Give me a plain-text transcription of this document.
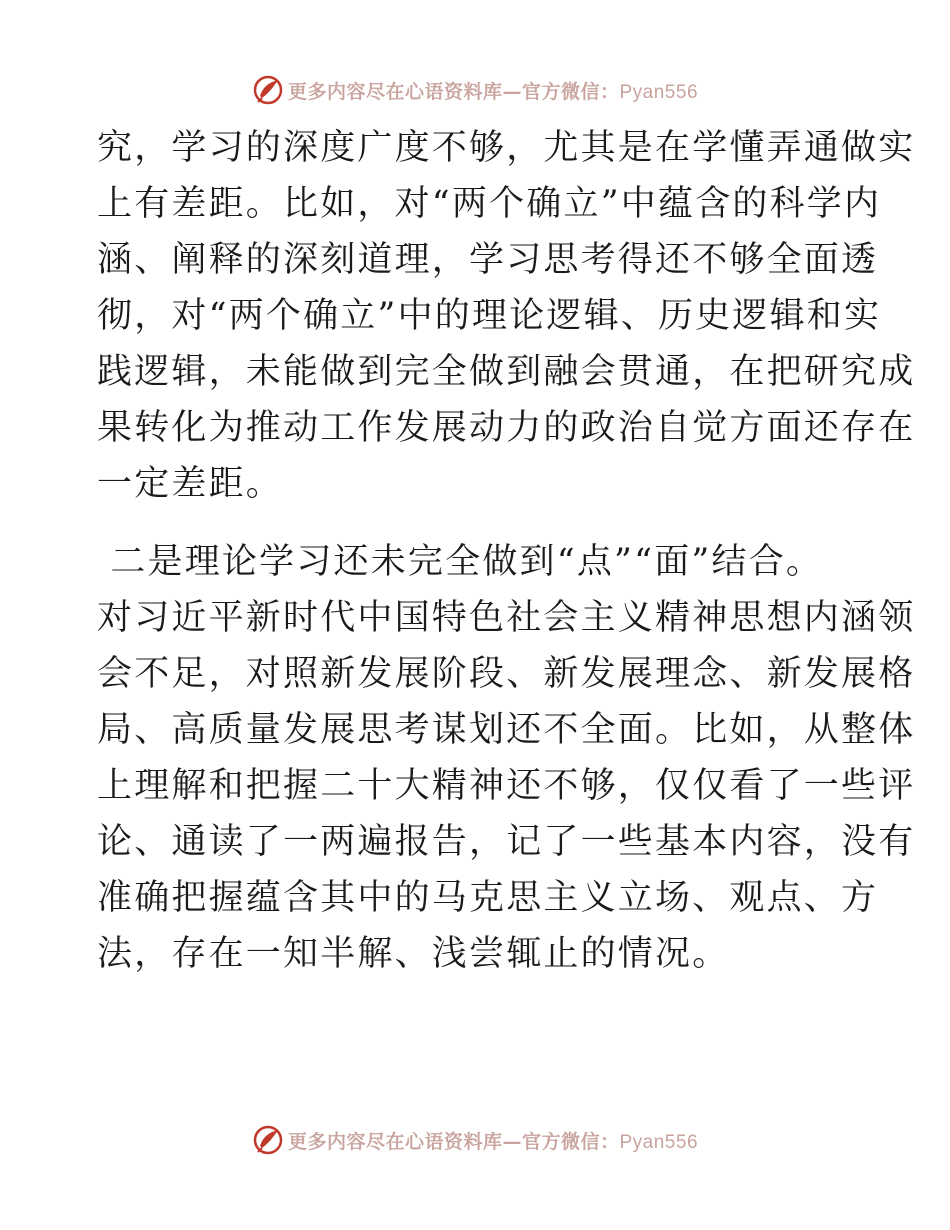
更多内容尽在心语资料库—官方微信：Pyan556
究，学习的深度广度不够，尤其是在学懂弄通做实
上有差距。比如，对“两个确立”中蕴含的科学内
涵、阐释的深刻道理，学习思考得还不够全面透
彻，对“两个确立”中的理论逻辑、历史逻辑和实
践逻辑，未能做到完全做到融会贯通，在把研究成
果转化为推动工作发展动力的政治自觉方面还存在
一定差距。
二是理论学习还未完全做到“点”“面”结合。
对习近平新时代中国特色社会主义精神思想内涵领
会不足，对照新发展阶段、新发展理念、新发展格
局、高质量发展思考谋划还不全面。比如，从整体
上理解和把握二十大精神还不够，仅仅看了一些评
论、通读了一两遍报告，记了一些基本内容，没有
准确把握蕴含其中的马克思主义立场、观点、方
法，存在一知半解、浅尝辄止的情况。
更多内容尽在心语资料库—官方微信：Pyan556
